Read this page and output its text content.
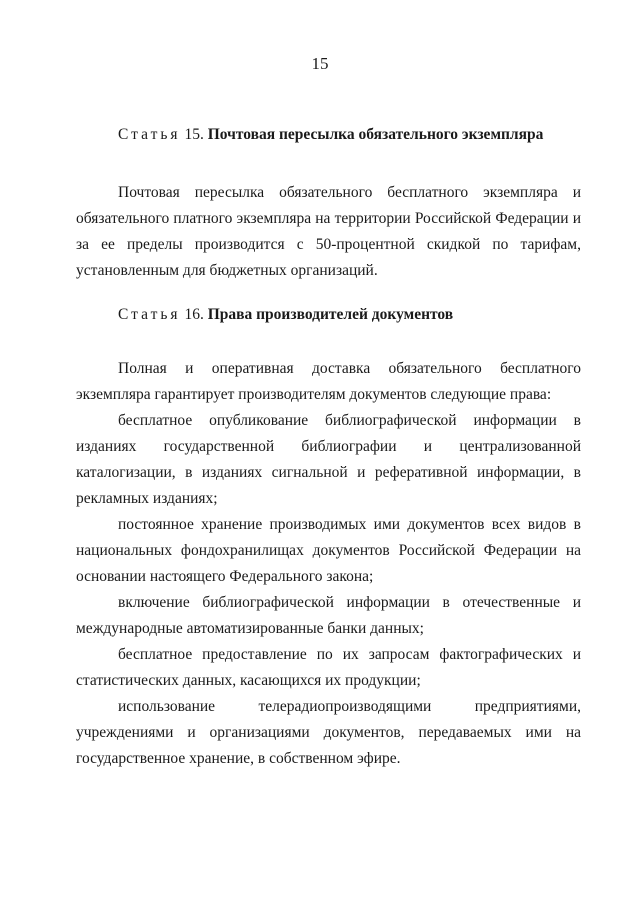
15
Статья 15. Почтовая пересылка обязательного экземпляра

Почтовая пересылка обязательного бесплатного экземпляра и обязательного платного экземпляра на территории Российской Федерации и за ее пределы производится с 50-процентной скидкой по тарифам, установленным для бюджетных организаций.

Статья 16. Права производителей документов

Полная и оперативная доставка обязательного бесплатного экземпляра гарантирует производителям документов следующие права:

бесплатное опубликование библиографической информации в изданиях государственной библиографии и централизованной каталогизации, в изданиях сигнальной и реферативной информации, в рекламных изданиях;

постоянное хранение производимых ими документов всех видов в национальных фондохранилищах документов Российской Федерации на основании настоящего Федерального закона;

включение библиографической информации в отечественные и международные автоматизированные банки данных;

бесплатное предоставление по их запросам фактографических и статистических данных, касающихся их продукции;

использование телерадиопроизводящими предприятиями, учреждениями и организациями документов, передаваемых ими на государственное хранение, в собственном эфире.
